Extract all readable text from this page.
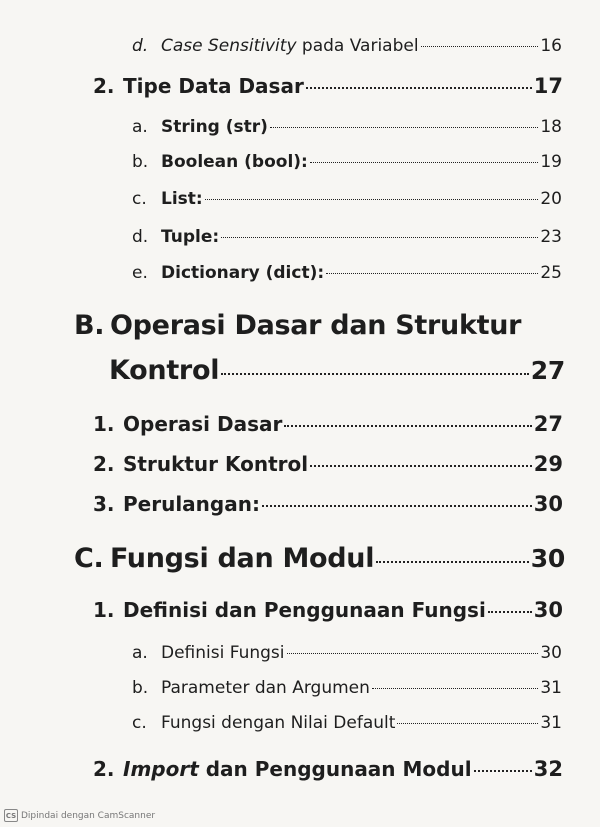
d. Case Sensitivity pada Variabel	16
2. Tipe Data Dasar	17
a. String (str)	18
b. Boolean (bool):	19
c. List:	20
d. Tuple:	23
e. Dictionary (dict):	25
B. Operasi Dasar dan Struktur
Kontrol	27
1. Operasi Dasar	27
2. Struktur Kontrol	29
3. Perulangan:	30
C. Fungsi dan Modul	30
1. Definisi dan Penggunaan Fungsi 30
a. Definisi Fungsi	30
b. Parameter dan Argumen	31
c. Fungsi dengan Nilai Default	31
2. Import dan Penggunaan Modul	32
CS Dipindai dengan CamScanner
